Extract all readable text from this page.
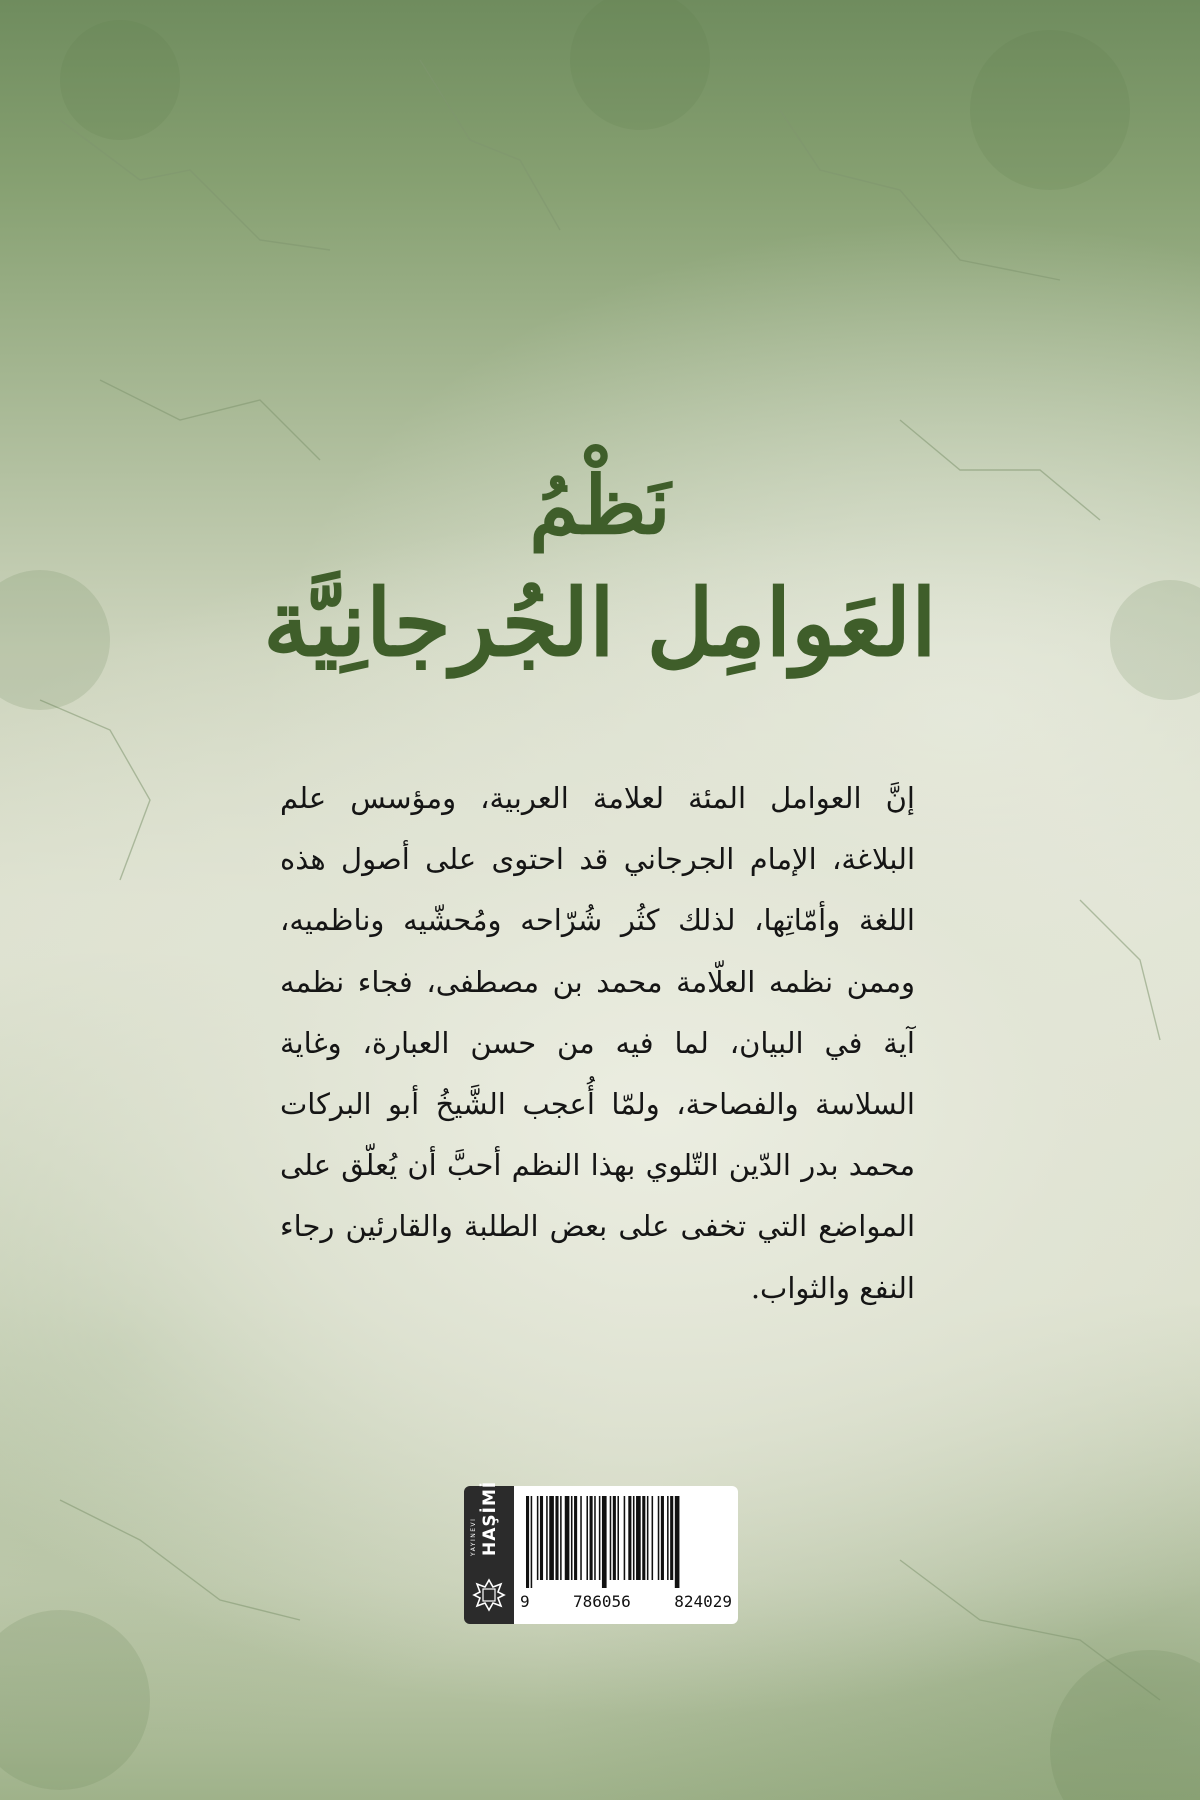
نَظْمُ
العَوامِل الجُرجانِيَّة
إنَّ العوامل المئة لعلامة العربية، ومؤسس علم البلاغة، الإمام الجرجاني قد احتوى على أصول هذه اللغة وأمّاتِها، لذلك كثُر شُرّاحه ومُحشّيه وناظميه، وممن نظمه العلّامة محمد بن مصطفى، فجاء نظمه آية في البيان، لما فيه من حسن العبارة، وغاية السلاسة والفصاحة، ولمّا أُعجب الشَّيخُ أبو البركات محمد بدر الدّين التّلوي بهذا النظم أحبَّ أن يُعلّق على المواضع التي تخفى على بعض الطلبة والقارئين رجاء النفع والثواب.
HAŞİMİ
YAYINEVİ
9	786056	824029
